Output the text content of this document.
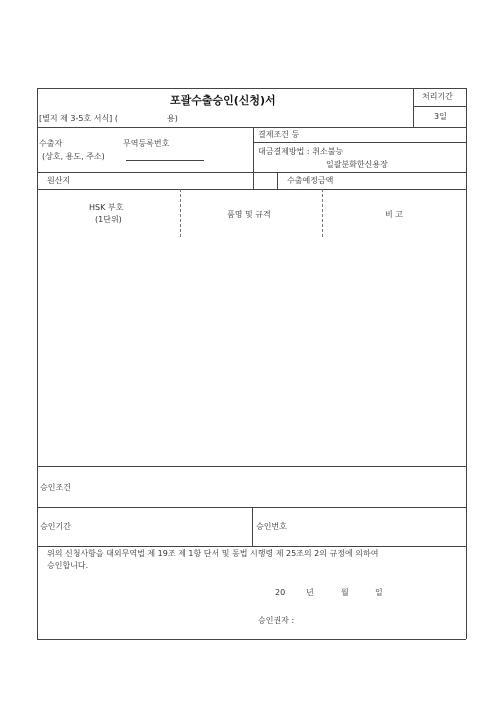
포괄수출승인(신청)서
[별지 제 3-5호 서식] (	용)
처리기간
3일
수출자
(상호, 용도, 주소)
무역등록번호
결제조건 등
대금결제방법 : 취소불능
일괄분화한신용장
원산지	수출예정금액
HSK 부호
(1단위)
품명 및 규격	비 고
승인조건
승인기간	승인번호
위의 신청사항을 대외무역법 제 19조 제 1항 단서 및 동법 시행령 제 25조의 2의 규정에 의하여
승인합니다.
20	년	월	일
승인권자 :
